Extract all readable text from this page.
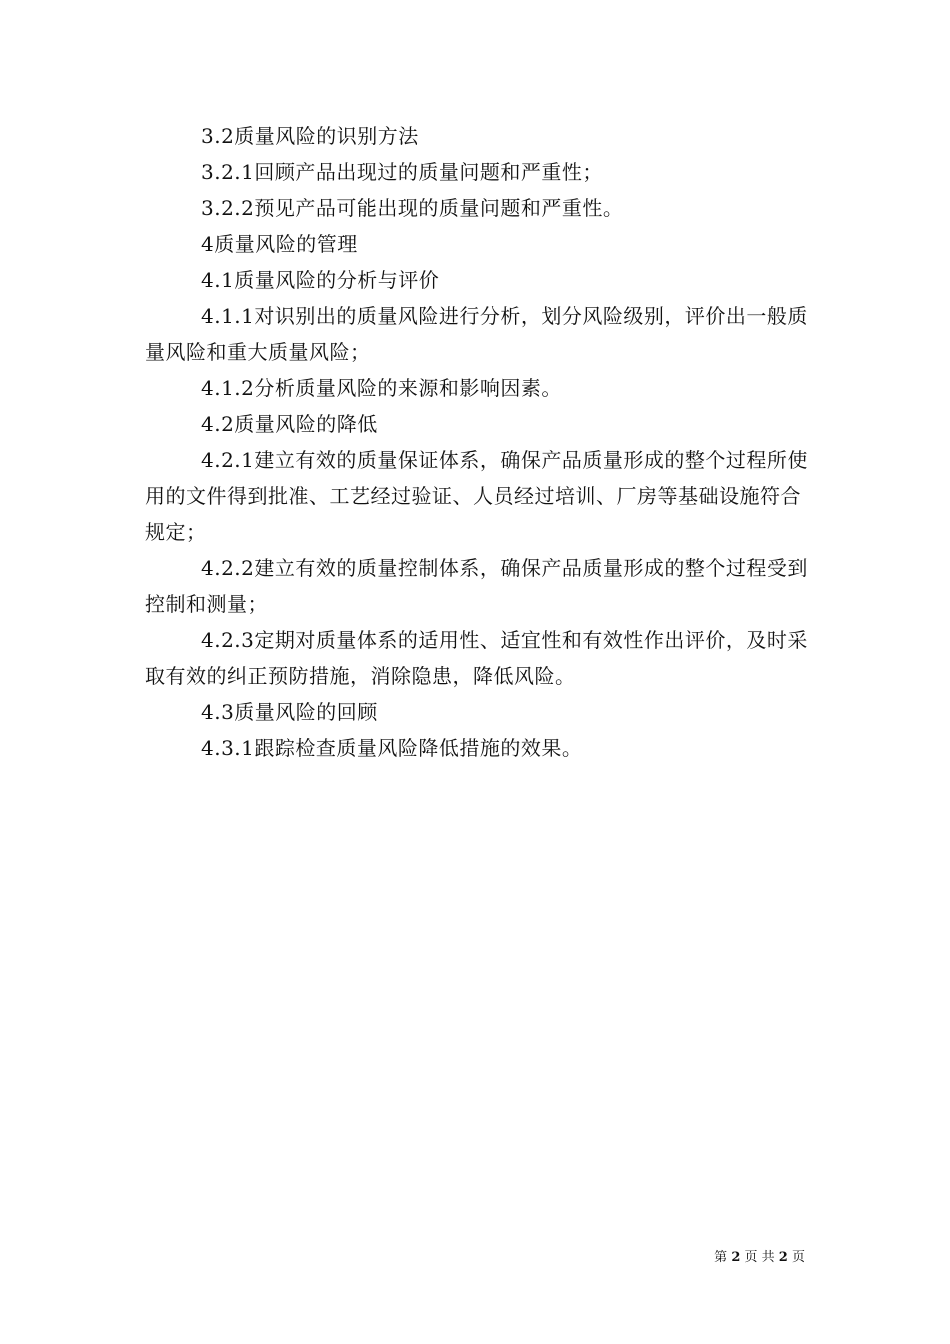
3.2质量风险的识别方法

3.2.1回顾产品出现过的质量问题和严重性；

3.2.2预见产品可能出现的质量问题和严重性。

4质量风险的管理

4.1质量风险的分析与评价

4.1.1对识别出的质量风险进行分析，划分风险级别，评价出一般质量风险和重大质量风险；

4.1.2分析质量风险的来源和影响因素。

4.2质量风险的降低

4.2.1建立有效的质量保证体系，确保产品质量形成的整个过程所使用的文件得到批准、工艺经过验证、人员经过培训、厂房等基础设施符合规定；

4.2.2建立有效的质量控制体系，确保产品质量形成的整个过程受到控制和测量；

4.2.3定期对质量体系的适用性、适宜性和有效性作出评价，及时采取有效的纠正预防措施，消除隐患，降低风险。

4.3质量风险的回顾

4.3.1跟踪检查质量风险降低措施的效果。

第 2 页 共 2 页
